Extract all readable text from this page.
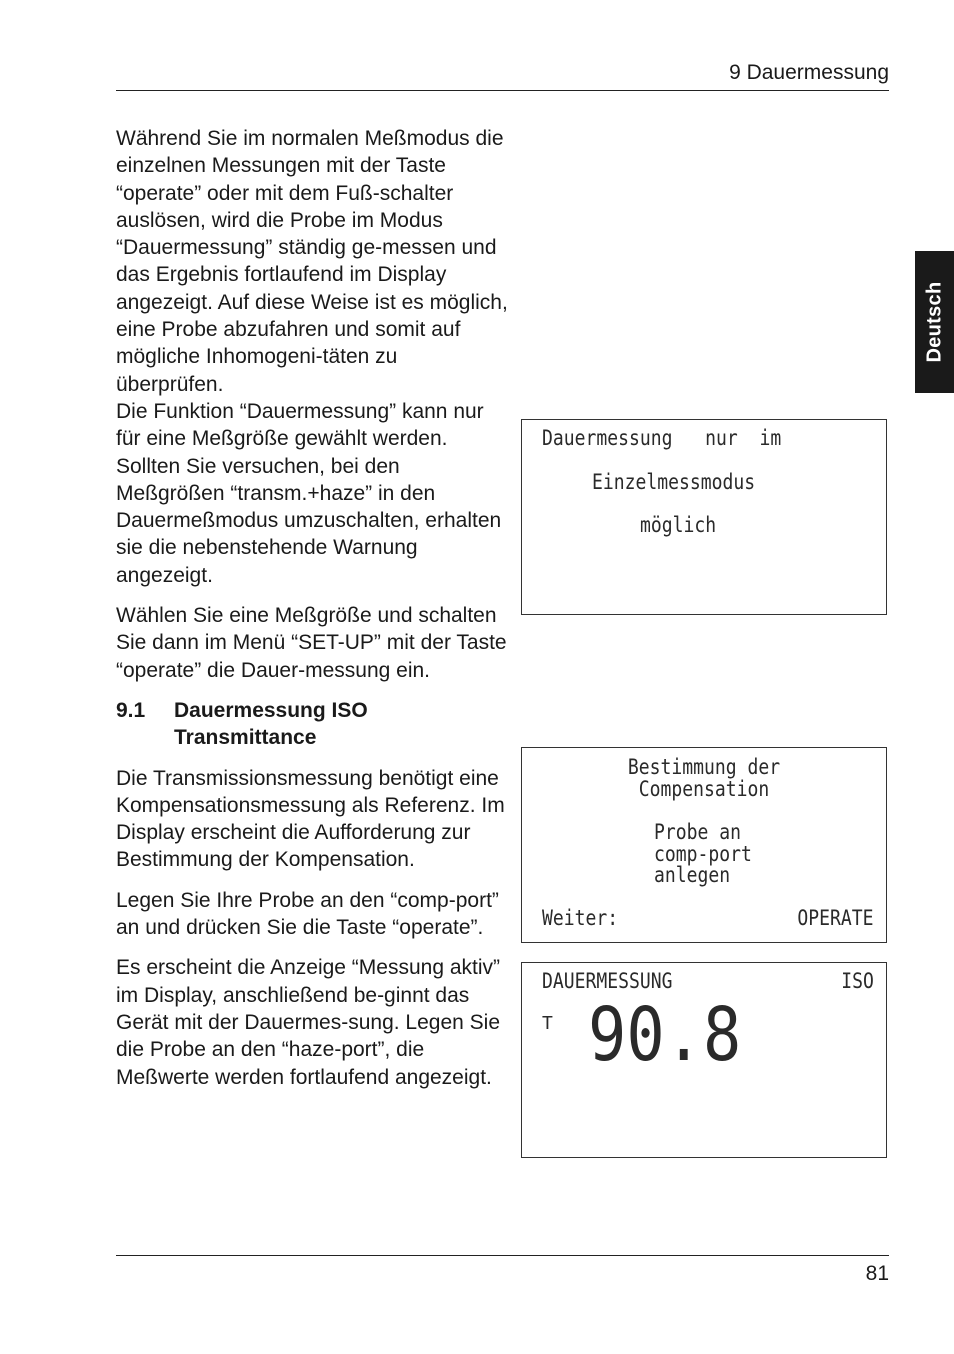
9 Dauermessung
Deutsch

Während Sie im normalen Meßmodus die einzelnen Messungen mit der Taste “operate” oder mit dem Fuß-schalter auslösen, wird die Probe im Modus “Dauermessung” ständig ge-messen und das Ergebnis fortlaufend im Display angezeigt. Auf diese Weise ist es möglich, eine Probe abzufahren und somit auf mögliche Inhomogeni-täten zu überprüfen.

Die Funktion “Dauermessung” kann nur für eine Meßgröße gewählt werden. Sollten Sie versuchen, bei den Meßgrößen “transm.+haze” in den Dauermeßmodus umzuschalten, erhalten sie die nebenstehende Warnung angezeigt.

Wählen Sie eine Meßgröße und schalten Sie dann im Menü “SET-UP” mit der Taste “operate” die Dauer-messung ein.

9.1	Dauermessung ISO Transmittance

Die Transmissionsmessung benötigt eine Kompensationsmessung als Referenz. Im Display erscheint die Aufforderung zur Bestimmung der Kompensation.

Legen Sie Ihre Probe an den “comp-port” an und drücken Sie die Taste “operate”.

Es erscheint die Anzeige “Messung aktiv” im Display, anschließend be-ginnt das Gerät mit der Dauermes-sung. Legen Sie die Probe an den “haze-port”, die Meßwerte werden fortlaufend angezeigt.

Dauermessung   nur  im
Einzelmessmodus
möglich
Bestimmung der
Compensation
Probe an
comp-port
anlegen
Weiter:	OPERATE
DAUERMESSUNG	ISO
T 90.8
81
